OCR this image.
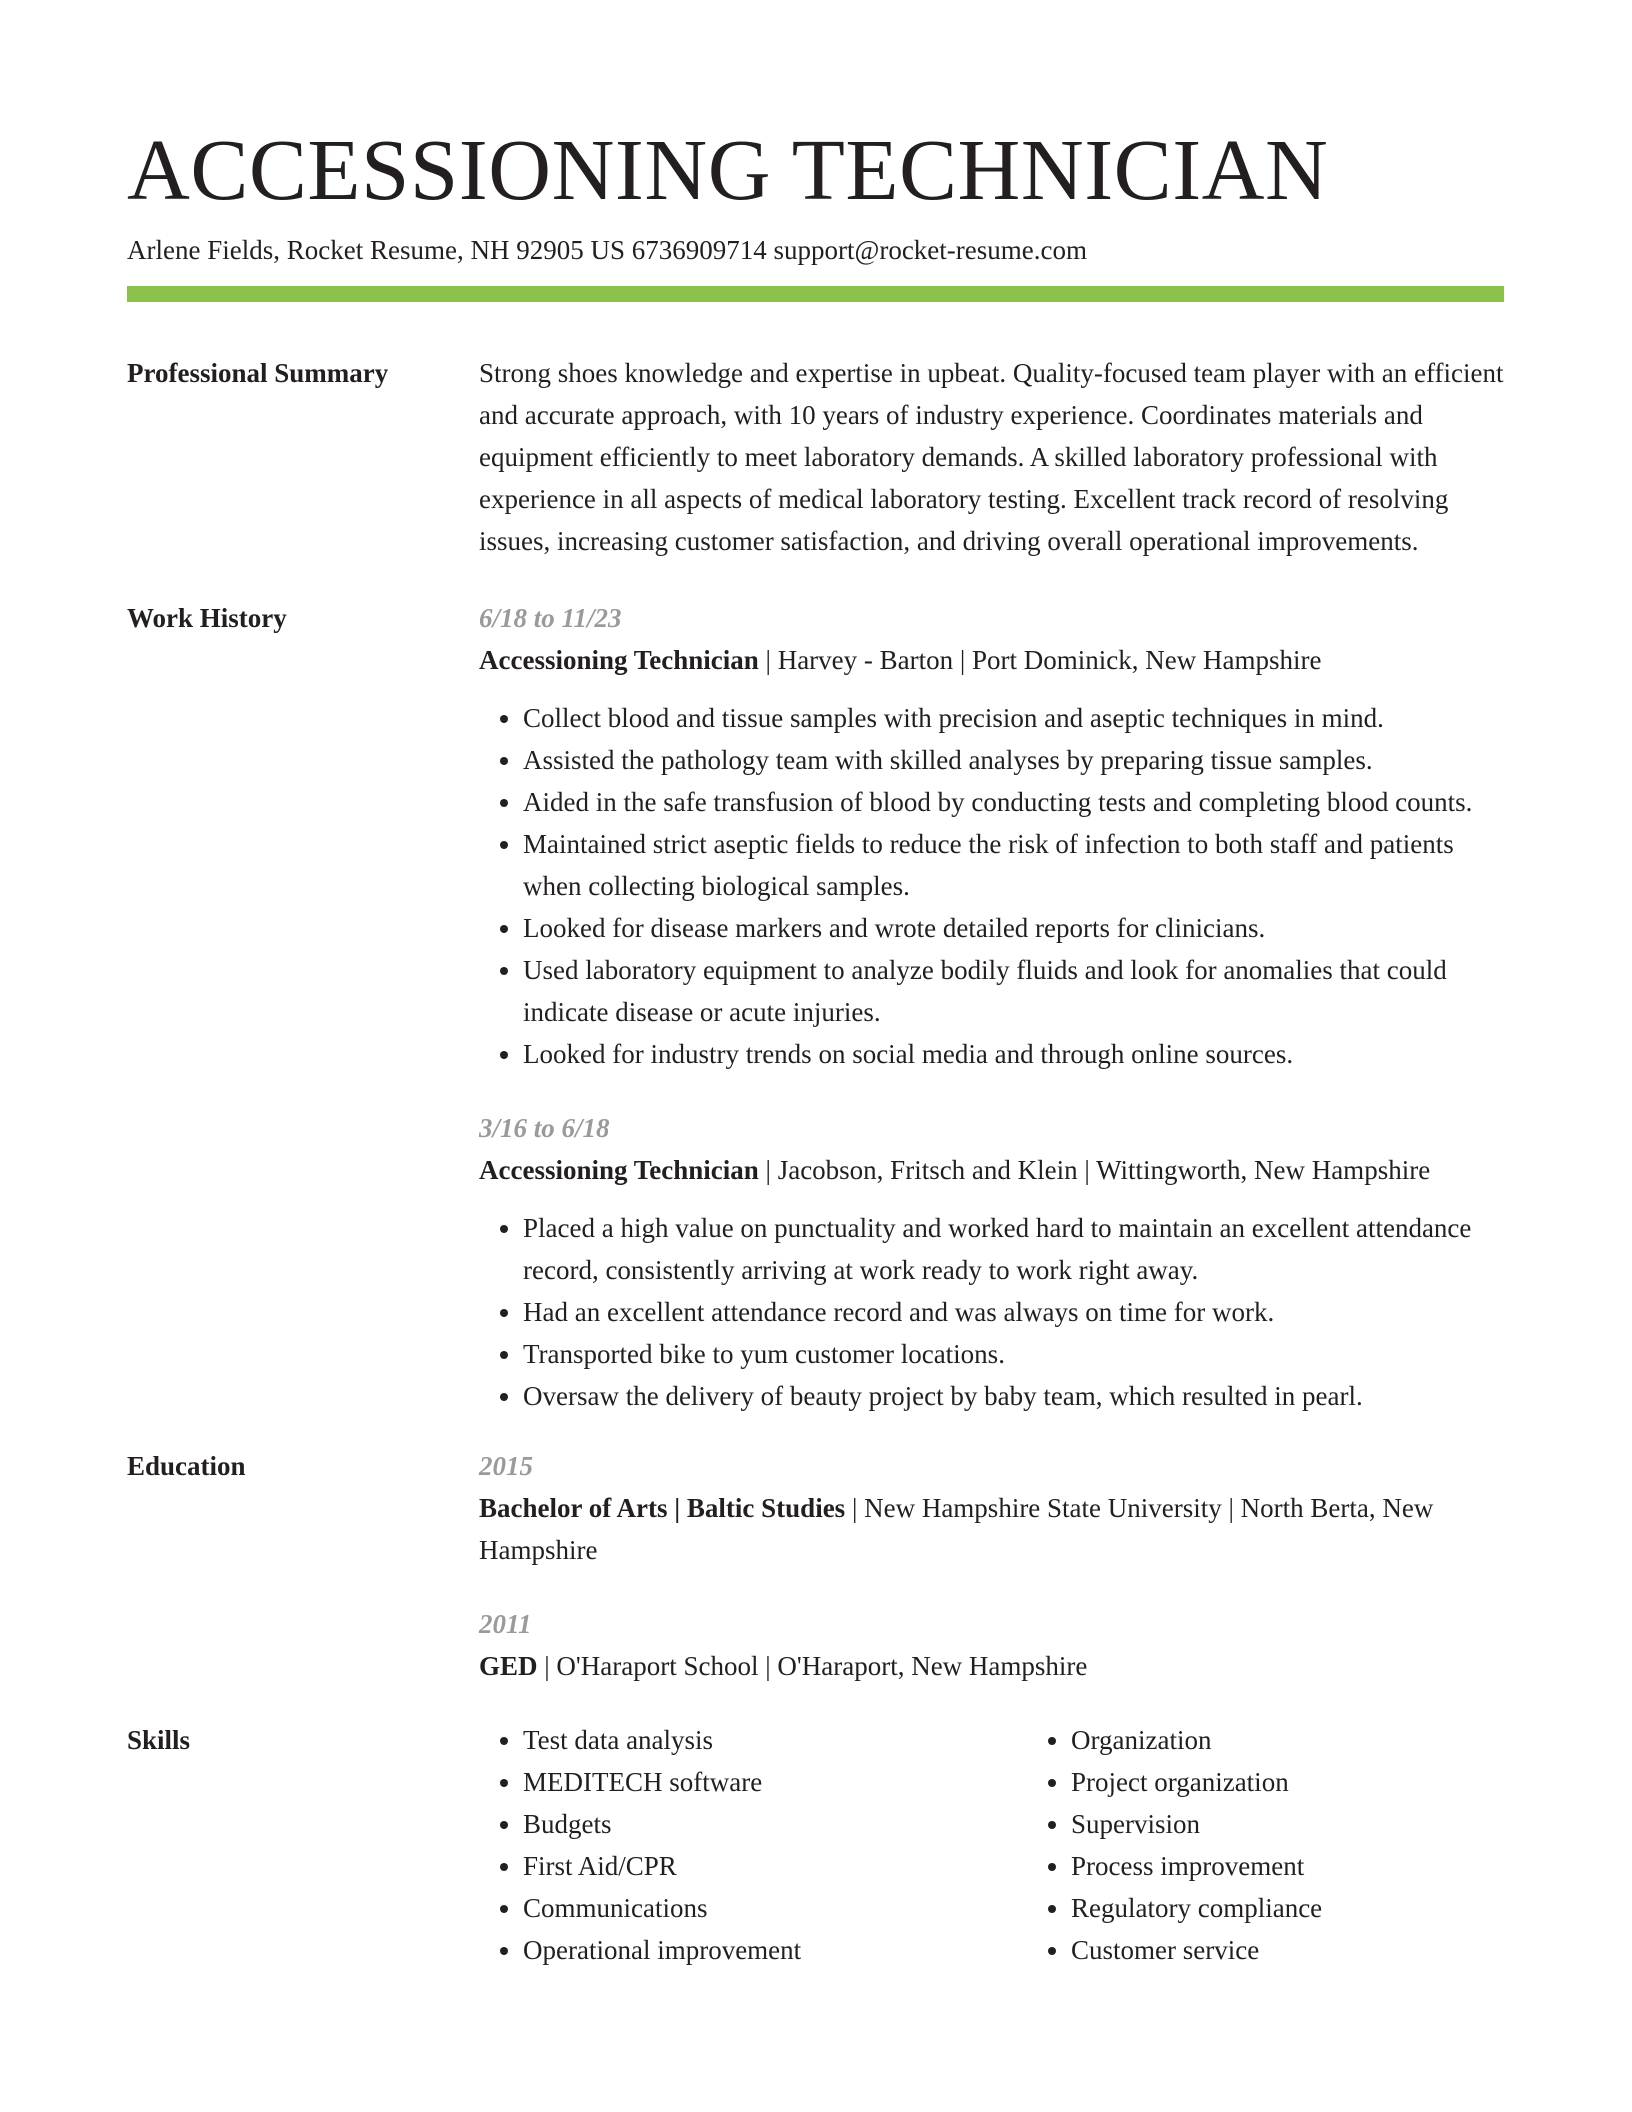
ACCESSIONING TECHNICIAN
Arlene Fields, Rocket Resume, NH 92905 US 6736909714 support@rocket-resume.com
Professional Summary	Strong shoes knowledge and expertise in upbeat. Quality-focused team player with an efficient and accurate approach, with 10 years of industry experience. Coordinates materials and equipment efficiently to meet laboratory demands. A skilled laboratory professional with experience in all aspects of medical laboratory testing. Excellent track record of resolving issues, increasing customer satisfaction, and driving overall operational improvements.
Work History	6/18 to 11/23
Accessioning Technician | Harvey - Barton | Port Dominick, New Hampshire
• Collect blood and tissue samples with precision and aseptic techniques in mind.
• Assisted the pathology team with skilled analyses by preparing tissue samples.
• Aided in the safe transfusion of blood by conducting tests and completing blood counts.
• Maintained strict aseptic fields to reduce the risk of infection to both staff and patients when collecting biological samples.
• Looked for disease markers and wrote detailed reports for clinicians.
• Used laboratory equipment to analyze bodily fluids and look for anomalies that could indicate disease or acute injuries.
• Looked for industry trends on social media and through online sources.
3/16 to 6/18
Accessioning Technician | Jacobson, Fritsch and Klein | Wittingworth, New Hampshire
• Placed a high value on punctuality and worked hard to maintain an excellent attendance record, consistently arriving at work ready to work right away.
• Had an excellent attendance record and was always on time for work.
• Transported bike to yum customer locations.
• Oversaw the delivery of beauty project by baby team, which resulted in pearl.
Education	2015
Bachelor of Arts | Baltic Studies | New Hampshire State University | North Berta, New Hampshire
2011
GED | O'Haraport School | O'Haraport, New Hampshire
Skills
•	Test data analysis
• MEDITECH software
• Budgets
• First Aid/CPR
• Communications
• Operational improvement
• Organization
• Project organization
• Supervision
• Process improvement
• Regulatory compliance
• Customer service
